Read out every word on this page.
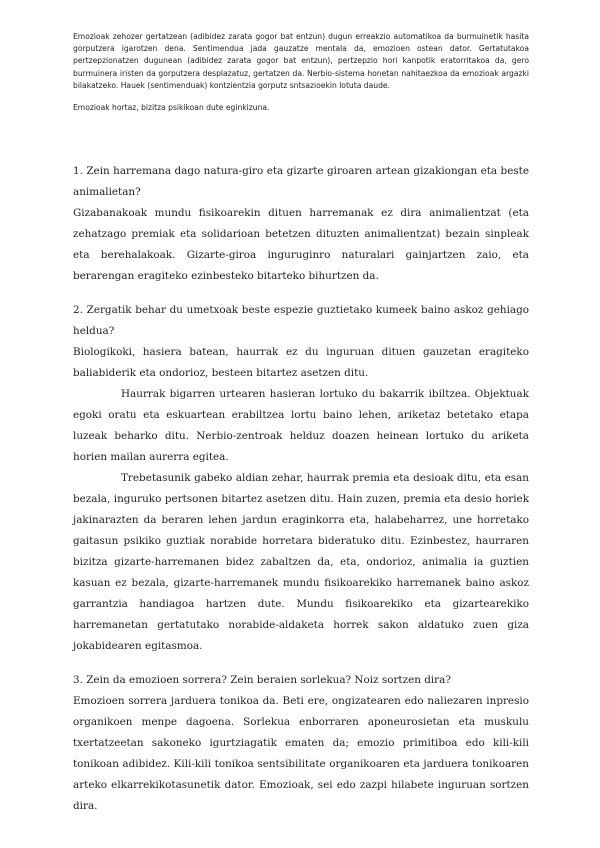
Emozioak zehozer gertatzean (adibidez zarata gogor bat entzun) dugun erreakzio automatikoa da burmuinetik hasita gorputzera igarotzen dena. Sentimendua jada gauzatze mentala da, emozioen ostean dator. Gertatutakoa pertzepzionatzen dugunean (adibidez zarata gogor bat entzun), pertzepzio hori kanpotik eratorritakoa da, gero burmuinera iristen da gorputzera desplazatuz, gertatzen da. Nerbio-sistema honetan nahitaezkoa da emozioak argazki bilakatzeko. Hauek (sentimenduak) kontzientzia gorputz sntsazioekin lotuta daude.

Emozioak hortaz, bizitza psikikoan dute eginkizuna.

1. Zein harremana dago natura-giro eta gizarte giroaren artean gizakiongan eta beste animalietan?

Gizabanakoak mundu fisikoarekin dituen harremanak ez dira animalientzat (eta zehatzago premiak eta solidarioan betetzen dituzten animalientzat) bezain sinpleak eta berehalakoak. Gizarte-giroa inguruginro naturalari gainjartzen zaio, eta berarengan eragiteko ezinbesteko bitarteko bihurtzen da.

2. Zergatik behar du umetxoak beste espezie guztietako kumeek baino askoz gehiago heldua?

Biologikoki, hasiera batean, haurrak ez du inguruan dituen gauzetan eragiteko baliabiderik eta ondorioz, besteen bitartez asetzen ditu.

Haurrak bigarren urtearen hasieran lortuko du bakarrik ibiltzea. Objektuak egoki oratu eta eskuartean erabiltzea lortu baino lehen, ariketaz betetako etapa luzeak beharko ditu. Nerbio-zentroak helduz doazen heinean lortuko du ariketa horien mailan aurerra egitea.

Trebetasunik gabeko aldian zehar, haurrak premia eta desioak ditu, eta esan bezala, inguruko pertsonen bitartez asetzen ditu. Hain zuzen, premia eta desio horiek jakinarazten da beraren lehen jardun eraginkorra eta, halabeharrez, une horretako gaitasun psikiko guztiak norabide horretara bideratuko ditu. Ezinbestez, haurraren bizitza gizarte-harremanen bidez zabaltzen da, eta, ondorioz, animalia ia guztien kasuan ez bezala, gizarte-harremanek mundu fisikoarekiko harremanek baino askoz garrantzia handiagoa hartzen dute. Mundu fisikoarekiko eta gizartearekiko harremanetan gertatutako norabide-aldaketa horrek sakon aldatuko zuen giza jokabidearen egitasmoa.

3. Zein da emozioen sorrera? Zein beraien sorlekua? Noiz sortzen dira?

Emozioen sorrera jarduera tonikoa da. Beti ere, ongizatearen edo naliezaren inpresio organikoen menpe dagoena. Sorlekua enborraren aponeurosietan eta muskulu txertatzeetan sakoneko igurtziagatik ematen da; emozio primitiboa edo kili-kili tonikoan adibidez. Kili-kili tonikoa sentsibilitate organikoaren eta jarduera tonikoaren arteko elkarrekikotasunetik dator. Emozioak, sei edo zazpi hilabete inguruan sortzen dira.
